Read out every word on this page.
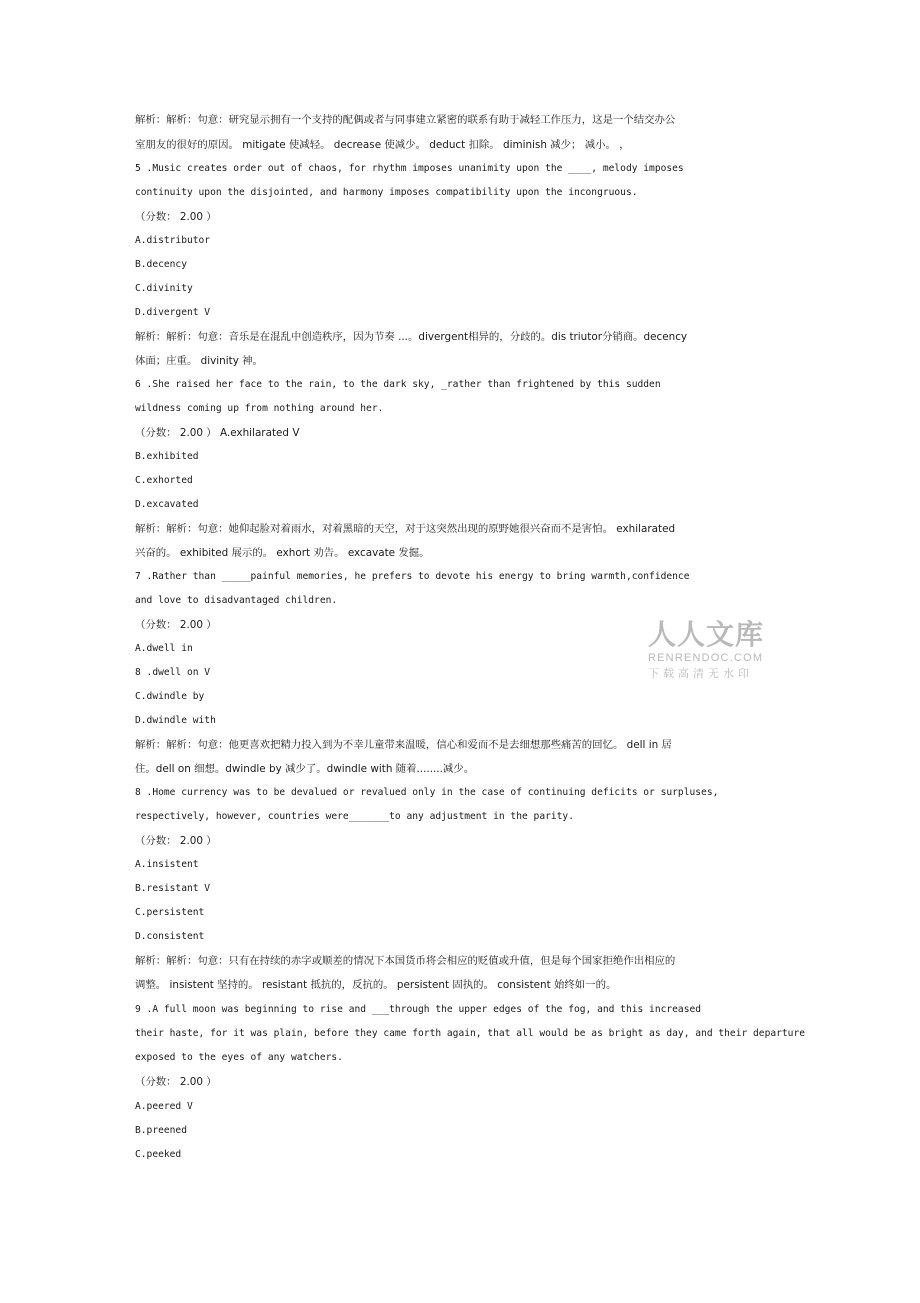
解析：解析：句意：研究显示拥有一个支持的配偶或者与同事建立紧密的联系有助于减轻工作压力，这是一个结交办公
室朋友的很好的原因。 mitigate 使减轻。 decrease 使减少。 deduct 扣除。 diminish 减少； 减小。 ，
5 .Music creates order out of chaos, for rhythm imposes unanimity upon the ____, melody imposes
continuity upon the disjointed, and harmony imposes compatibility upon the incongruous.
（分数： 2.00 ）
A.distributor
B.decency
C.divinity
D.divergent V
解析：解析：句意：音乐是在混乱中创造秩序，因为节奏 ...。divergent相异的，分歧的。dis triutor分销商。decency
体面；庄重。 divinity 神。
6 .She raised her face to the rain, to the dark sky, _rather than frightened by this sudden
wildness coming up from nothing around her.
（分数： 2.00 ） A.exhilarated V
B.exhibited
C.exhorted
D.excavated
解析：解析：句意：她仰起脸对着雨水，对着黑暗的天空，对于这突然出现的原野她很兴奋而不是害怕。 exhilarated
兴奋的。 exhibited 展示的。 exhort 劝告。 excavate 发掘。
7 .Rather than _____painful memories, he prefers to devote his energy to bring warmth,confidence
and love to disadvantaged children.
（分数： 2.00 ）
A.dwell in
8 .dwell on V
C.dwindle by
D.dwindle with
解析：解析：句意：他更喜欢把精力投入到为不幸儿童带来温暖，信心和爱而不是去细想那些痛苦的回忆。 dell in 居
住。dell on 细想。dwindle by 减少了。dwindle with 随着........减少。
8 .Home currency was to be devalued or revalued only in the case of continuing deficits or surpluses,
respectively, however, countries were_______to any adjustment in the parity.
（分数： 2.00 ）
A.insistent
B.resistant V
C.persistent
D.consistent
解析：解析：句意：只有在持续的赤字或顺差的情况下本国货币将会相应的贬值或升值，但是每个国家拒绝作出相应的
调整。 insistent 坚持的。 resistant 抵抗的，反抗的。 persistent 固执的。 consistent 始终如一的。
9 .A full moon was beginning to rise and ___through the upper edges of the fog, and this increased
their haste, for it was plain, before they came forth again, that all would be as bright as day, and their departure
exposed to the eyes of any watchers.
（分数： 2.00 ）
A.peered V
B.preened
C.peeked
人人文库
RENRENDOC.COM
下载高清无水印
